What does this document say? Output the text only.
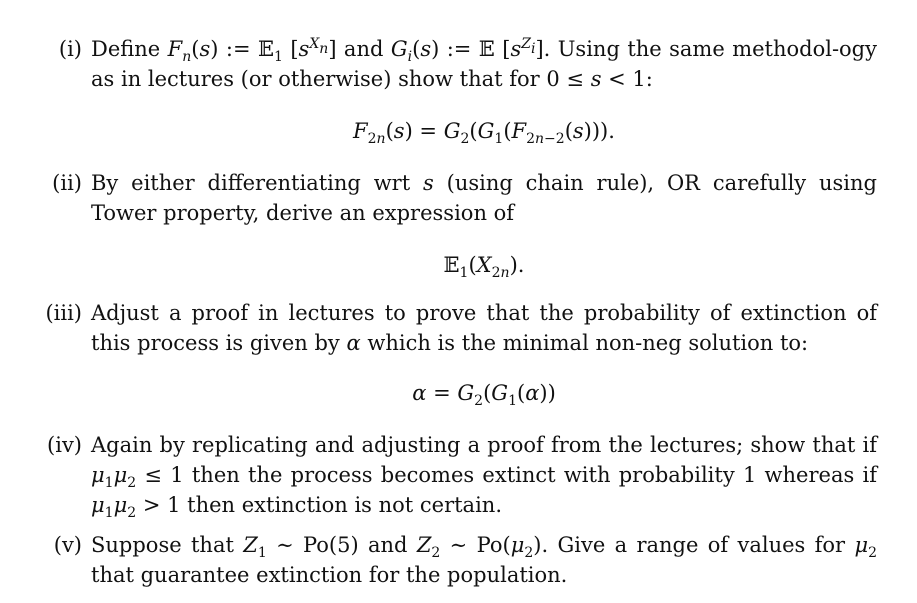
(i) Define $F_n(s)$ := 𝔼$_1$ $[s^{X_n}]$ and $G_i(s)$ := 𝔼 $[s^{Z_i}]$. Using the same methodol-ogy as in lectures (or otherwise) show that for 0 ≤ s < 1:
$F_{2n}(s) = G_2(G_1(F_{2n-2}(s)))$.
(ii) By either differentiating wrt s (using chain rule), OR carefully using Tower property, derive an expression of
$𝔼_1(X_{2n})$.
(iii) Adjust a proof in lectures to prove that the probability of extinction of this process is given by α which is the minimal non-neg solution to:
$\alpha = G_2(G_1(\alpha))$
(iv) Again by replicating and adjusting a proof from the lectures; show that if $\mu_1\mu_2 \le 1$ then the process becomes extinct with probability 1 whereas if $\mu_1\mu_2 > 1$ then extinction is not certain.
(v) Suppose that $Z_1$ ∼ Po(5) and $Z_2$ ∼ $Po(\mu_2)$. Give a range of values for $\mu_2$ that guarantee extinction for the population.
